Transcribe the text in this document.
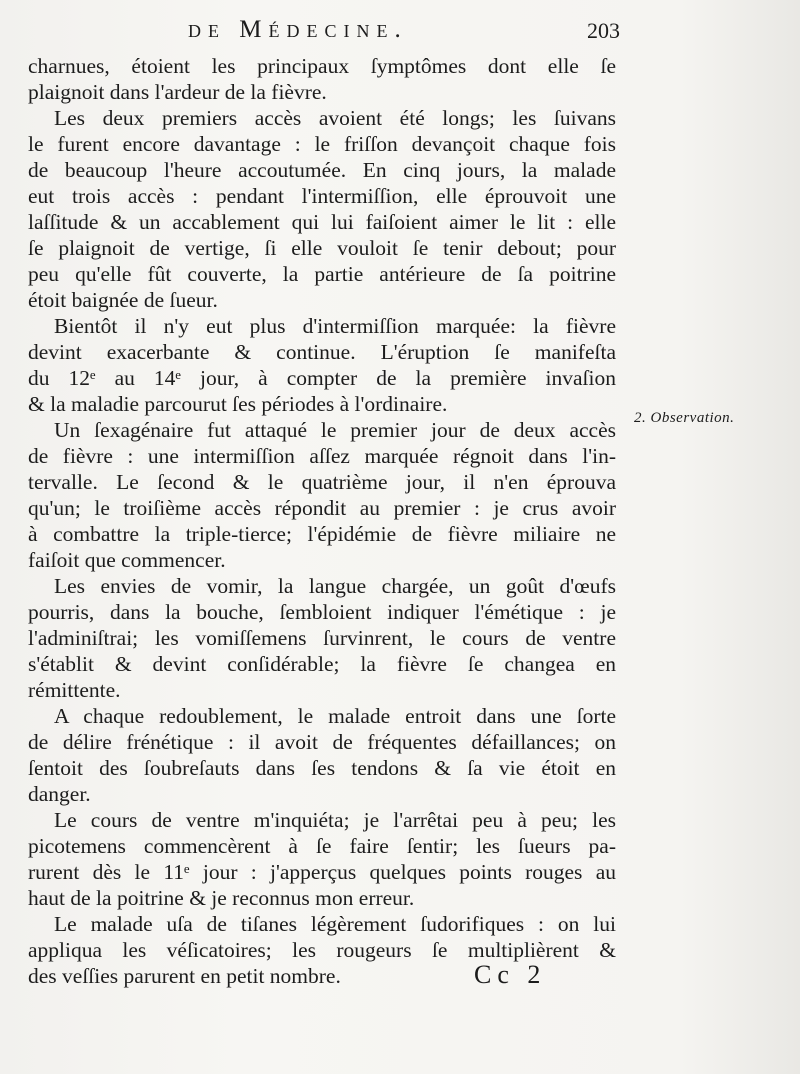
de Médecine.	203

charnues, étoient les principaux ſymptômes dont elle ſe
plaignoit dans l'ardeur de la fièvre.

Les deux premiers accès avoient été longs; les ſuivans
le furent encore davantage : le friſſon devançoit chaque fois
de beaucoup l'heure accoutumée. En cinq jours, la malade
eut trois accès : pendant l'intermiſſion, elle éprouvoit une
laſſitude & un accablement qui lui faiſoient aimer le lit : elle
ſe plaignoit de vertige, ſi elle vouloit ſe tenir debout; pour
peu qu'elle fût couverte, la partie antérieure de ſa poitrine
étoit baignée de ſueur.

Bientôt il n'y eut plus d'intermiſſion marquée: la fièvre
devint exacerbante & continue. L'éruption ſe manifeſta
du 12ᵉ au 14ᵉ jour, à compter de la première invaſion
& la maladie parcourut ſes périodes à l'ordinaire.

Un ſexagénaire fut attaqué le premier jour de deux accès
de fièvre : une intermiſſion aſſez marquée régnoit dans l'in-
tervalle. Le ſecond & le quatrième jour, il n'en éprouva
qu'un; le troiſième accès répondit au premier : je crus avoir
à combattre la triple-tierce; l'épidémie de fièvre miliaire ne
faiſoit que commencer.

Les envies de vomir, la langue chargée, un goût d'œufs
pourris, dans la bouche, ſembloient indiquer l'émétique : je
l'adminiſtrai; les vomiſſemens ſurvinrent, le cours de ventre
s'établit & devint conſidérable; la fièvre ſe changea en
rémittente.

A chaque redoublement, le malade entroit dans une ſorte
de délire frénétique : il avoit de fréquentes défaillances; on
ſentoit des ſoubreſauts dans ſes tendons & ſa vie étoit en
danger.

Le cours de ventre m'inquiéta; je l'arrêtai peu à peu; les
picotemens commencèrent à ſe faire ſentir; les ſueurs pa-
rurent dès le 11ᵉ jour : j'apperçus quelques points rouges au
haut de la poitrine & je reconnus mon erreur.

Le malade uſa de tiſanes légèrement ſudorifiques : on lui
appliqua les véſicatoires; les rougeurs ſe multiplièrent &
des veſſies parurent en petit nombre.

2. Observation.
Cc 2
